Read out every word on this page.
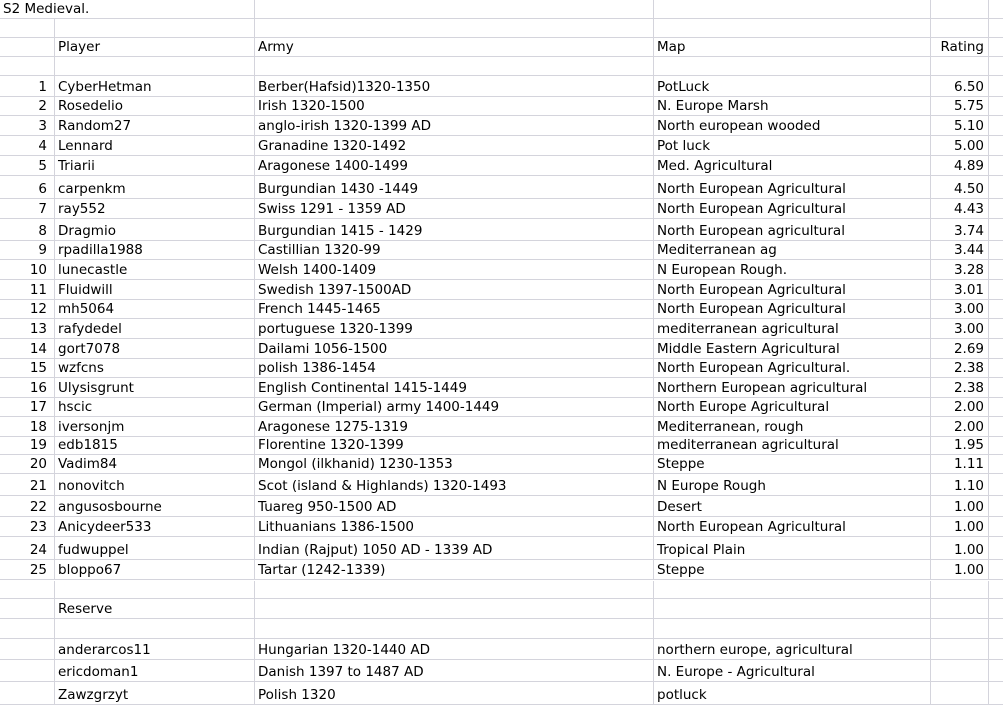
S2 Medieval.
Player	Army	Map	Rating
1 CyberHetman	Berber(Hafsid)1320-1350	PotLuck	6.50
2 Rosedelio	Irish 1320-1500	N. Europe Marsh	5.75
3 Random27	anglo-irish 1320-1399 AD	North european wooded	5.10
4 Lennard	Granadine 1320-1492	Pot luck	5.00
5 Triarii	Aragonese 1400-1499	Med. Agricultural	4.89
6 carpenkm	Burgundian 1430 -1449	North European Agricultural	4.50
7 ray552	Swiss 1291 - 1359 AD	North European Agricultural	4.43
8 Dragmio	Burgundian 1415 - 1429	North European agricultural	3.74
9 rpadilla1988	Castillian 1320-99	Mediterranean ag	3.44
10 lunecastle	Welsh 1400-1409	N European Rough.	3.28
11 Fluidwill	Swedish 1397-1500AD	North European Agricultural	3.01
12 mh5064	French 1445-1465	North European Agricultural	3.00
13 rafydedel	portuguese 1320-1399	mediterranean agricultural	3.00
14 gort7078	Dailami 1056-1500	Middle Eastern Agricultural	2.69
15 wzfcns	polish 1386-1454	North European Agricultural.	2.38
16 Ulysisgrunt	English Continental 1415-1449	Northern European agricultural	2.38
17 hscic	German (Imperial) army 1400-1449	North Europe Agricultural	2.00
18 iversonjm	Aragonese 1275-1319	Mediterranean, rough	2.00
19 edb1815	Florentine 1320-1399	mediterranean agricultural	1.95
20 Vadim84	Mongol (ilkhanid) 1230-1353	Steppe	1.11
21 nonovitch	Scot (island & Highlands) 1320-1493	N Europe Rough	1.10
22 angusosbourne	Tuareg 950-1500 AD	Desert	1.00
23 Anicydeer533	Lithuanians 1386-1500	North European Agricultural	1.00
24 fudwuppel	Indian (Rajput) 1050 AD - 1339 AD	Tropical Plain	1.00
25 bloppo67	Tartar (1242-1339)	Steppe	1.00
Reserve
anderarcos11	Hungarian 1320-1440 AD	northern europe, agricultural
ericdoman1	Danish 1397 to 1487 AD	N. Europe - Agricultural
Zawzgrzyt	Polish 1320	potluck
